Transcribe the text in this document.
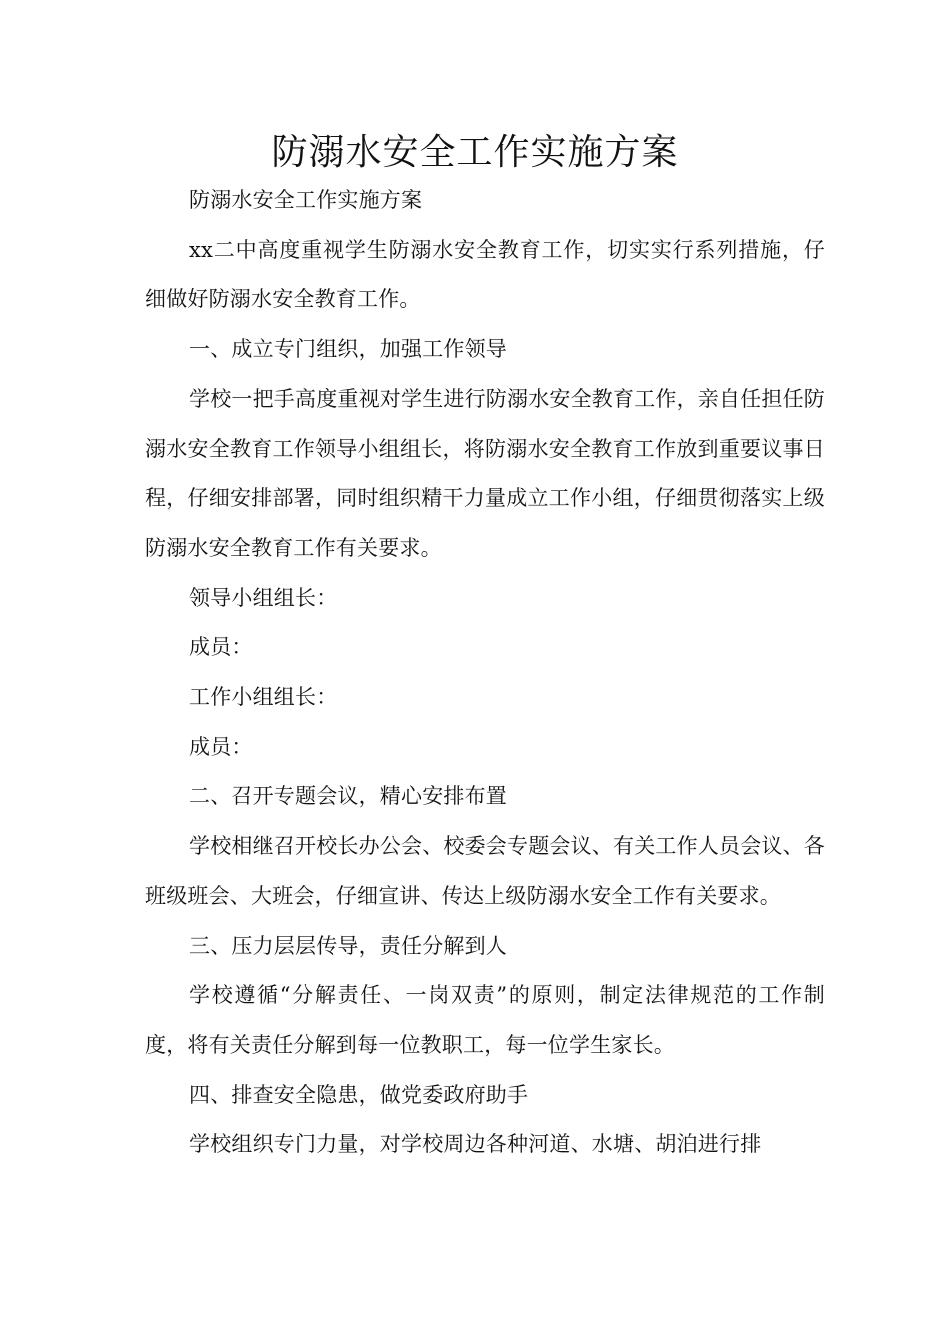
防溺水安全工作实施方案

防溺水安全工作实施方案

xx二中高度重视学生防溺水安全教育工作，切实实行系列措施，仔细做好防溺水安全教育工作。

一、成立专门组织，加强工作领导

学校一把手高度重视对学生进行防溺水安全教育工作，亲自任担任防溺水安全教育工作领导小组组长，将防溺水安全教育工作放到重要议事日程，仔细安排部署，同时组织精干力量成立工作小组，仔细贯彻落实上级防溺水安全教育工作有关要求。

领导小组组长：

成员：

工作小组组长：

成员：

二、召开专题会议，精心安排布置

学校相继召开校长办公会、校委会专题会议、有关工作人员会议、各班级班会、大班会，仔细宣讲、传达上级防溺水安全工作有关要求。

三、压力层层传导，责任分解到人

学校遵循“分解责任、一岗双责”的原则，制定法律规范的工作制度，将有关责任分解到每一位教职工，每一位学生家长。

四、排查安全隐患，做党委政府助手

学校组织专门力量，对学校周边各种河道、水塘、胡泊进行排
